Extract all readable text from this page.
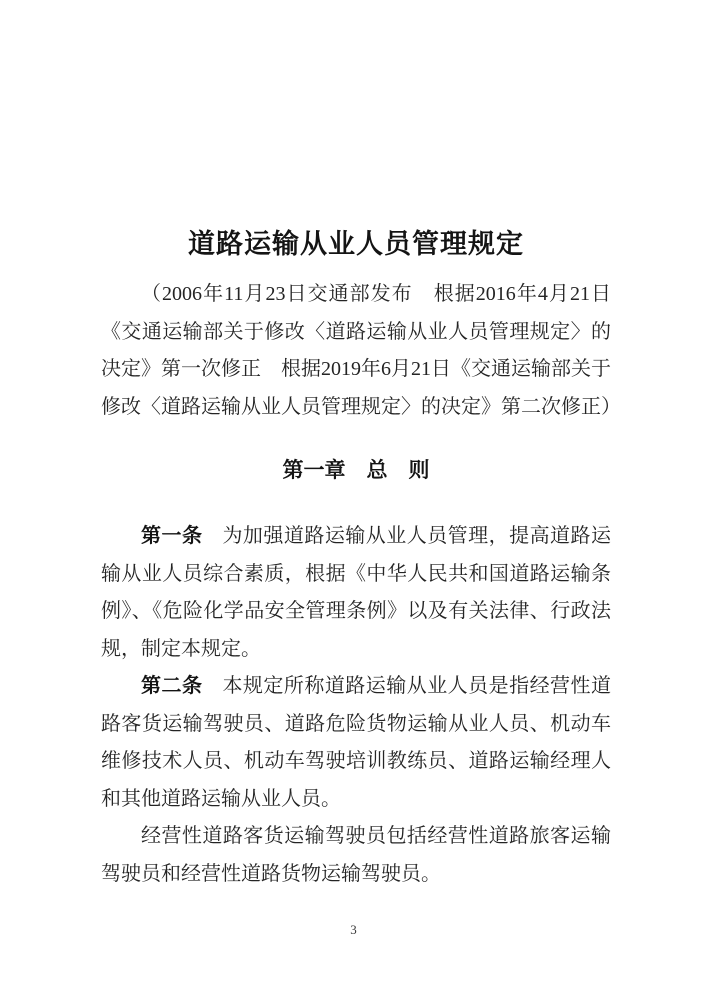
道路运输从业人员管理规定

（2006年11月23日交通部发布　根据2016年4月21日《交通运输部关于修改〈道路运输从业人员管理规定〉的决定》第一次修正　根据2019年6月21日《交通运输部关于修改〈道路运输从业人员管理规定〉的决定》第二次修正）

第一章　总　则

第一条 为加强道路运输从业人员管理，提高道路运输从业人员综合素质，根据《中华人民共和国道路运输条例》、《危险化学品安全管理条例》以及有关法律、行政法规，制定本规定。

第二条 本规定所称道路运输从业人员是指经营性道路客货运输驾驶员、道路危险货物运输从业人员、机动车维修技术人员、机动车驾驶培训教练员、道路运输经理人和其他道路运输从业人员。

经营性道路客货运输驾驶员包括经营性道路旅客运输驾驶员和经营性道路货物运输驾驶员。

3
